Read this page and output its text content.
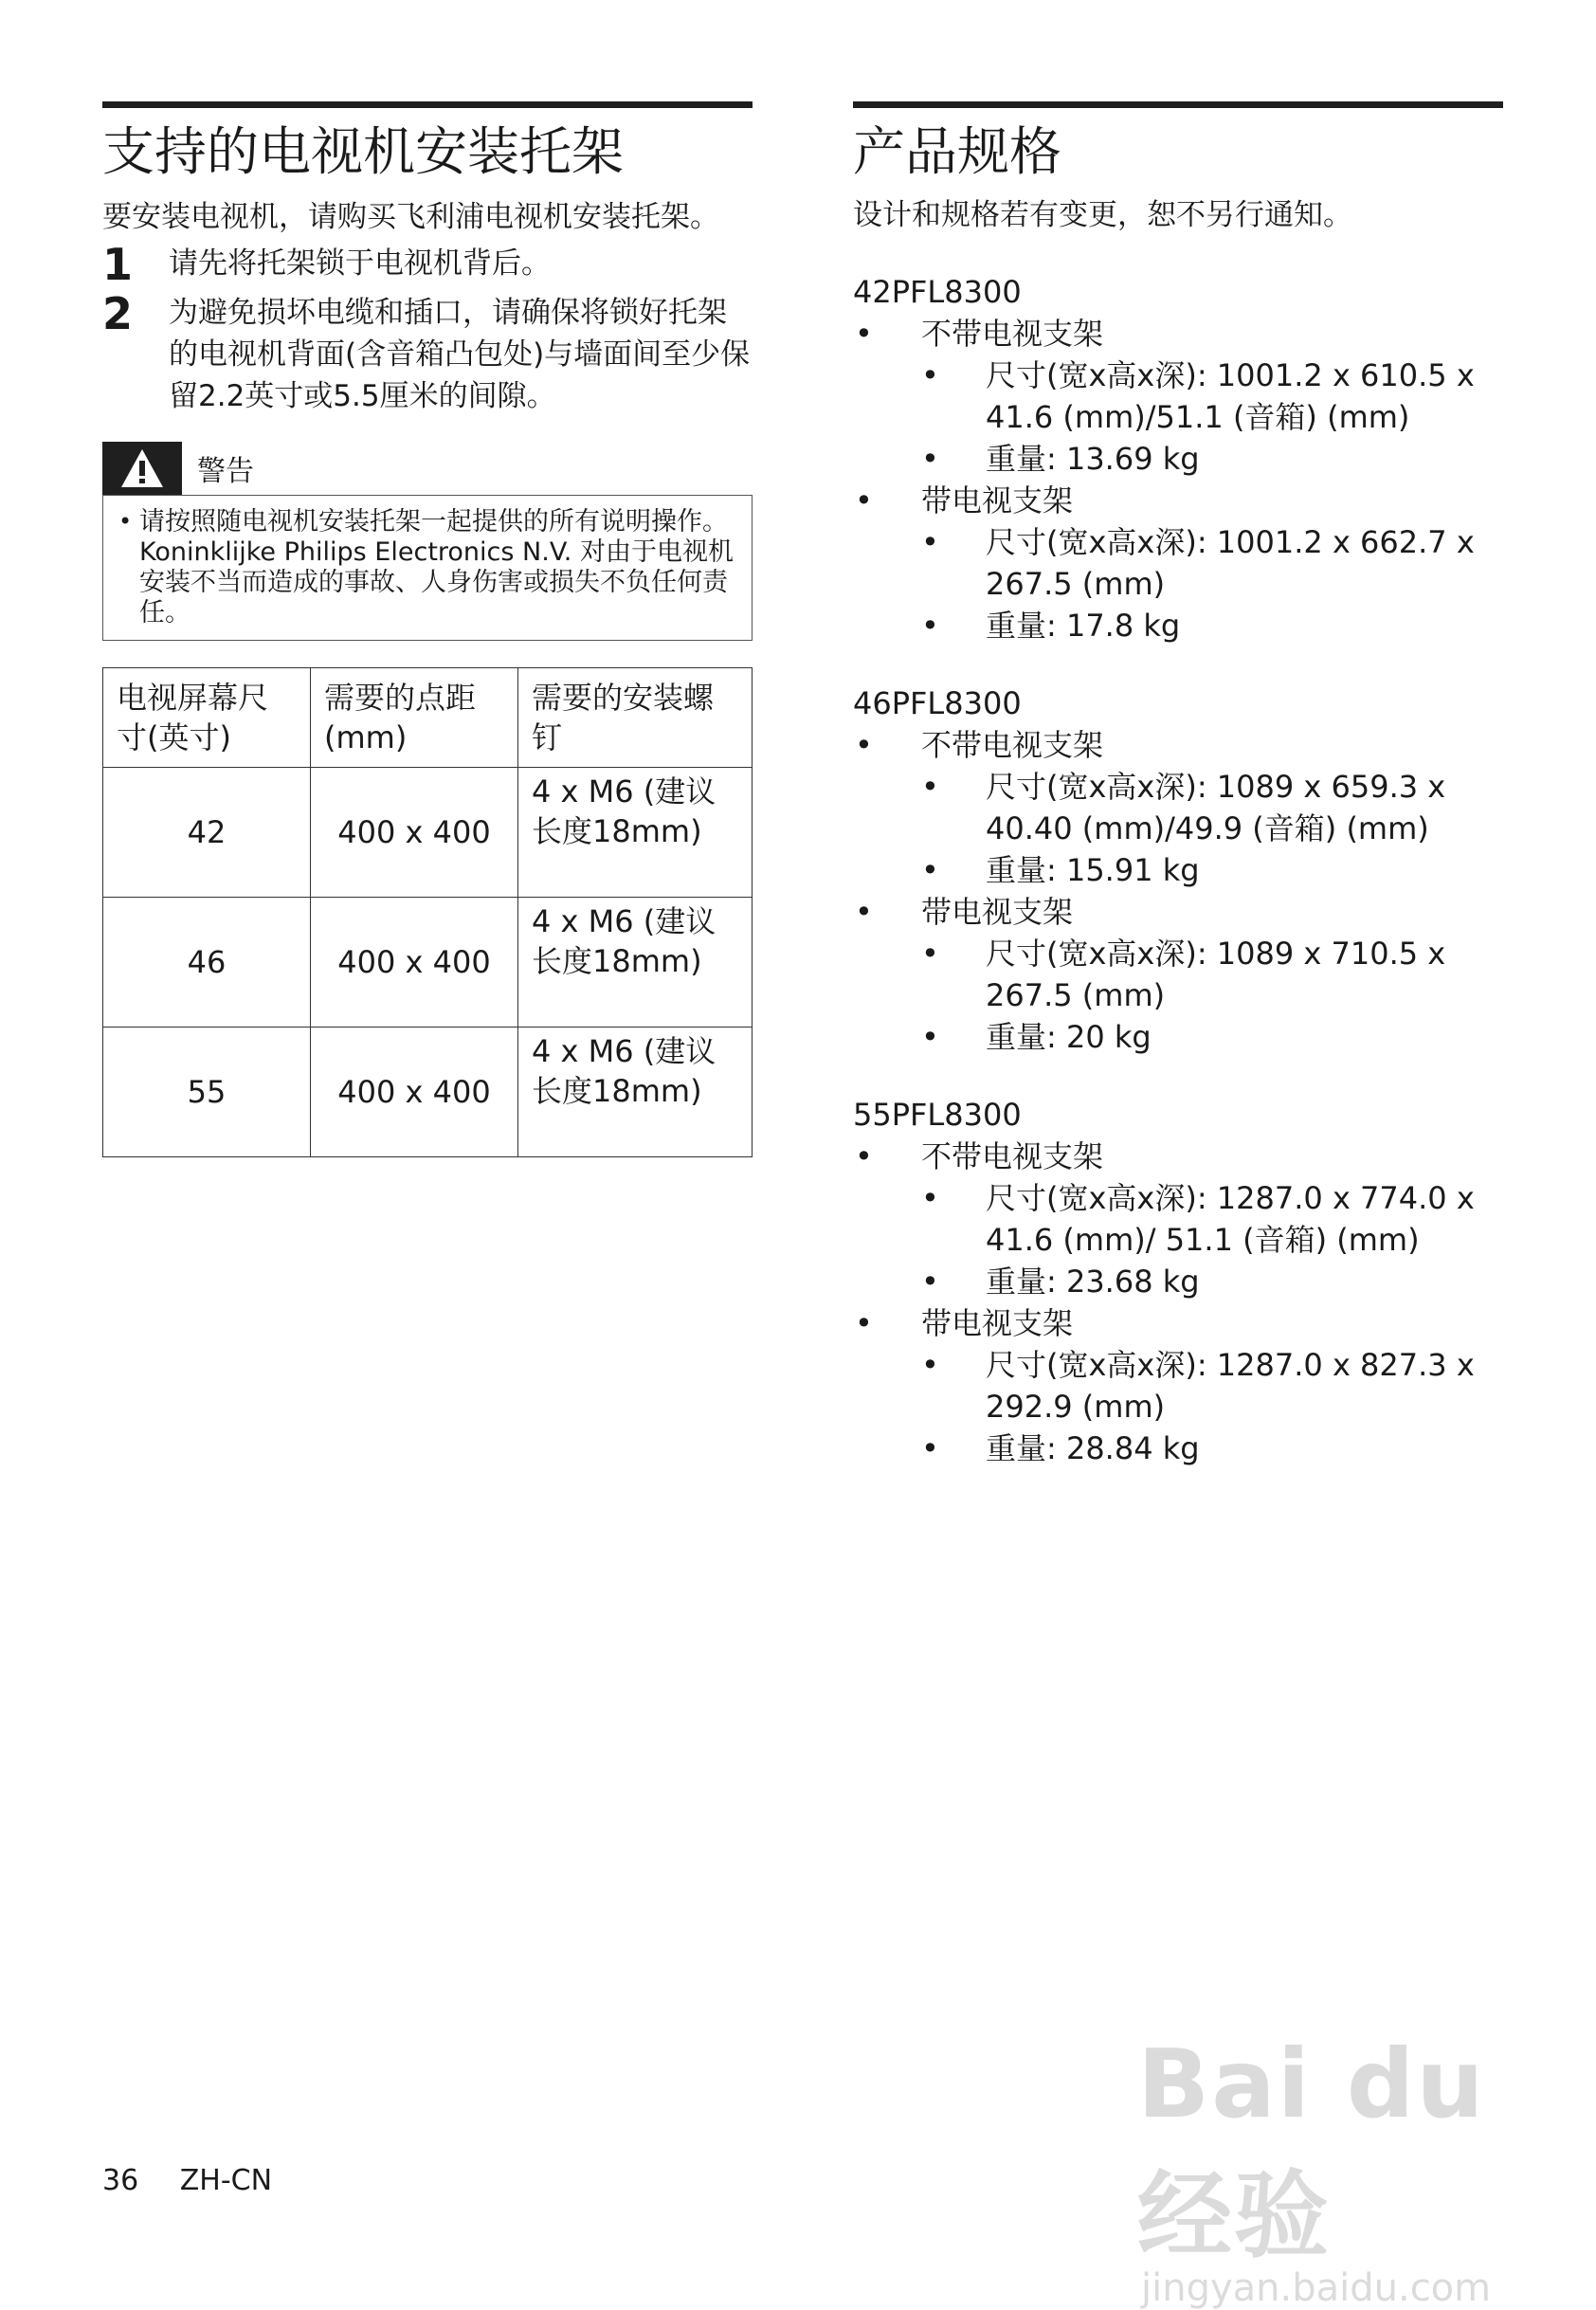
支持的电视机安装托架
要安装电视机，请购买飞利浦电视机安装托架。
1	请先将托架锁于电视机背后。
2	为避免损坏电缆和插口，请确保将锁好托架的电视机背面(含音箱凸包处)与墙面间至少保留2.2英寸或5.5厘米的间隙。
警告
• 请按照随电视机安装托架一起提供的所有说明操作。 Koninklijke Philips Electronics N.V. 对由于电视机安装不当而造成的事故、人身伤害或损失不负任何责任。
电视屏幕尺寸(英寸)	需要的点距(mm)	需要的安装螺钉
42	400 x 400	4 x M6 (建议长度18mm)
46	400 x 400	4 x M6 (建议长度18mm)
55	400 x 400	4 x M6 (建议长度18mm)
产品规格
设计和规格若有变更，恕不另行通知。
42PFL8300
•	不带电视支架
•	尺寸(宽x高x深): 1001.2 x 610.5 x 41.6 (mm)/51.1 (音箱) (mm)
•	重量: 13.69 kg
•	带电视支架
•	尺寸(宽x高x深): 1001.2 x 662.7 x 267.5 (mm)
•	重量: 17.8 kg
46PFL8300
•	不带电视支架
•	尺寸(宽x高x深): 1089 x 659.3 x 40.40 (mm)/49.9 (音箱) (mm)
•	重量: 15.91 kg
•	带电视支架
•	尺寸(宽x高x深): 1089 x 710.5 x 267.5 (mm)
•	重量: 20 kg
55PFL8300
•	不带电视支架
•	尺寸(宽x高x深): 1287.0 x 774.0 x 41.6 (mm)/ 51.1 (音箱) (mm)
•	重量: 23.68 kg
•	带电视支架
•	尺寸(宽x高x深): 1287.0 x 827.3 x 292.9 (mm)
•	重量: 28.84 kg
36 ZH-CN
Bai du 经验
jingyan.baidu.com
